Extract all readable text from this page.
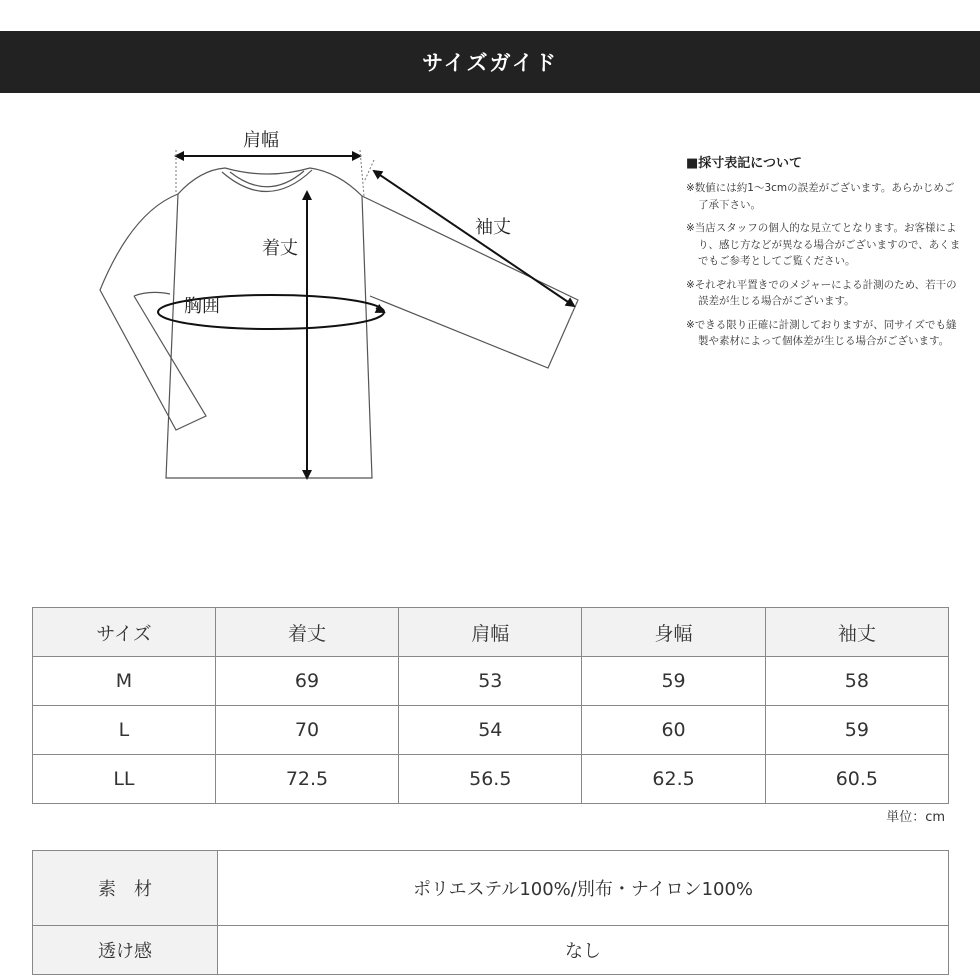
サイズガイド
肩幅
着丈
袖丈
胸囲
■採寸表記について
※数値には約1〜3cmの誤差がございます。あらかじめご了承下さい。
※当店スタッフの個人的な見立てとなります。お客様により、感じ方などが異なる場合がございますので、あくまでもご参考としてご覧ください。
※それぞれ平置きでのメジャーによる計測のため、若干の誤差が生じる場合がございます。
※できる限り正確に計測しておりますが、同サイズでも縫製や素材によって個体差が生じる場合がございます。
サイズ	着丈	肩幅	身幅	袖丈
M	69	53	59	58
L	70	54	60	59
LL	72.5	56.5	62.5	60.5
単位：cm
素　材	ポリエステル100%/別布・ナイロン100%
透け感	なし
